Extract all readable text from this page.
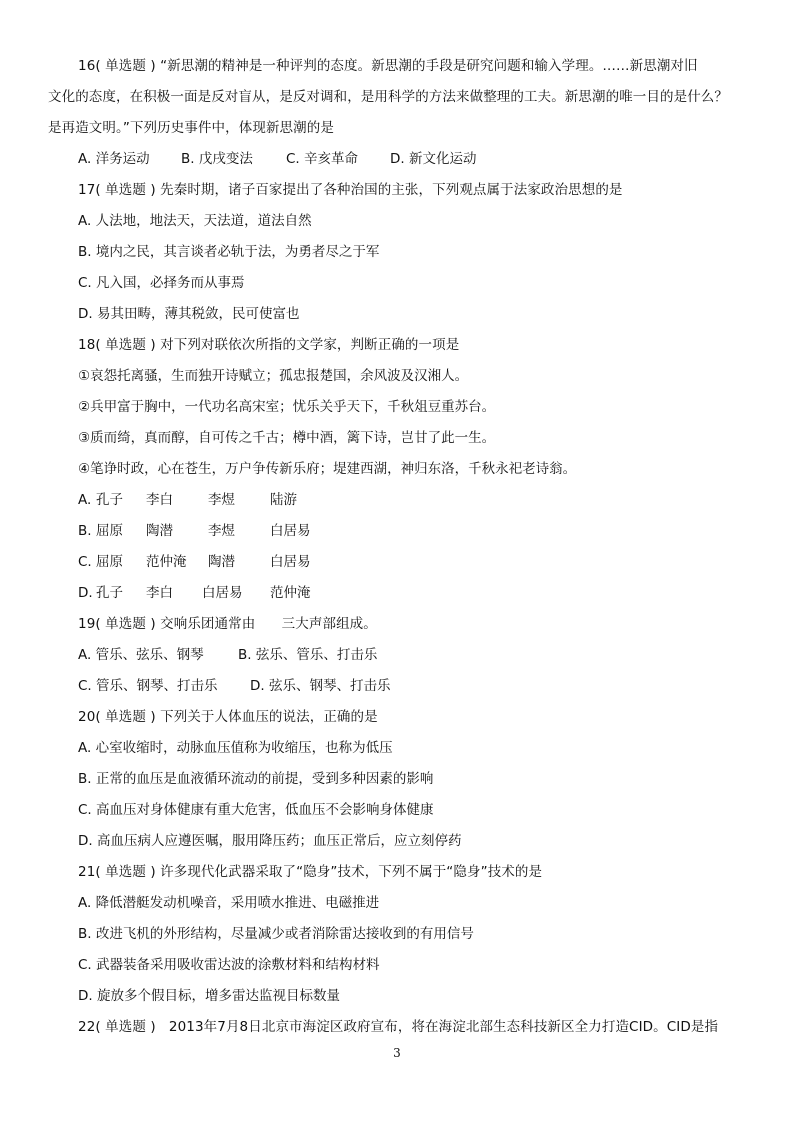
16( 单选题 ) “新思潮的精神是一种评判的态度。新思潮的手段是研究问题和输入学理。……新思潮对旧
文化的态度，在积极一面是反对盲从，是反对调和，是用科学的方法来做整理的工夫。新思潮的唯一目的是什么？
是再造文明。”下列历史事件中，体现新思潮的是
A. 洋务运动 B. 戊戌变法 C. 辛亥革命 D. 新文化运动
17( 单选题 ) 先秦时期，诸子百家提出了各种治国的主张，下列观点属于法家政治思想的是
A. 人法地，地法天，天法道，道法自然
B. 境内之民，其言谈者必轨于法，为勇者尽之于军
C. 凡入国，必择务而从事焉
D. 易其田畴，薄其税敛，民可使富也
18( 单选题 ) 对下列对联依次所指的文学家，判断正确的一项是
①哀怨托离骚，生而独开诗赋立；孤忠报楚国，余风波及汉湘人。
②兵甲富于胸中，一代功名高宋室；忧乐关乎天下，千秋俎豆重苏台。
③质而绮，真而醇，自可传之千古；樽中酒，篱下诗，岂甘了此一生。
④笔诤时政，心在苍生，万户争传新乐府；堤建西湖，神归东洛，千秋永祀老诗翁。
A. 孔子 李白	李煜	陆游
B. 屈原 陶潜	李煜	白居易
C. 屈原 范仲淹 陶潜	白居易
D. 孔子 李白 白居易 范仲淹
19( 单选题 ) 交响乐团通常由      三大声部组成。
A. 管乐、弦乐、钢琴	B. 弦乐、管乐、打击乐
C. 管乐、钢琴、打击乐 D. 弦乐、钢琴、打击乐
20( 单选题 ) 下列关于人体血压的说法，正确的是
A. 心室收缩时，动脉血压值称为收缩压，也称为低压
B. 正常的血压是血液循环流动的前提，受到多种因素的影响
C. 高血压对身体健康有重大危害，低血压不会影响身体健康
D. 高血压病人应遵医嘱，服用降压药；血压正常后，应立刻停药
21( 单选题 ) 许多现代化武器采取了“隐身”技术，下列不属于“隐身”技术的是
A. 降低潜艇发动机噪音，采用喷水推进、电磁推进
B. 改进飞机的外形结构，尽量减少或者消除雷达接收到的有用信号
C. 武器装备采用吸收雷达波的涂敷材料和结构材料
D. 旋放多个假目标，增多雷达监视目标数量
22( 单选题 )   2013年7月8日北京市海淀区政府宣布，将在海淀北部生态科技新区全力打造CID。CID是指
3
